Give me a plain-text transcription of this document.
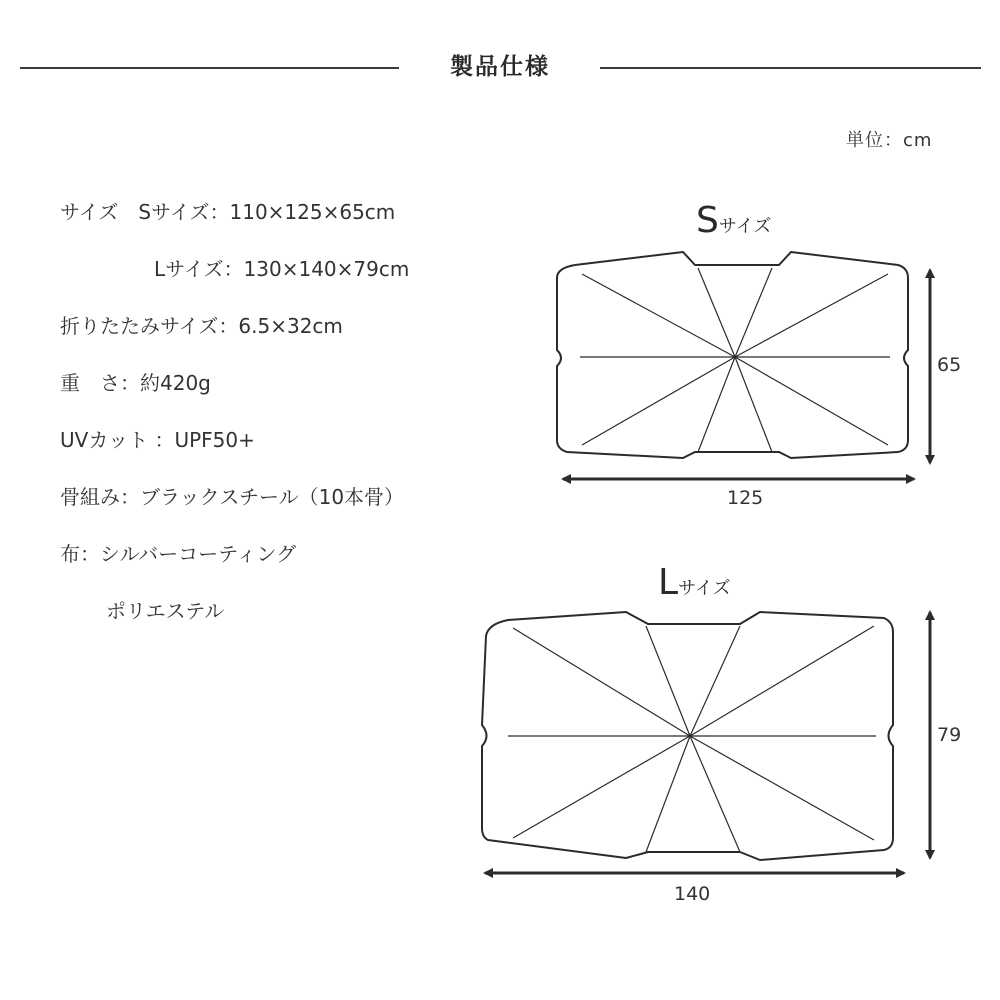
製品仕様
単位：cm
サイズ　Sサイズ：110×125×65cm
Lサイズ：130×140×79cm
折りたたみサイズ：6.5×32cm
重　さ：約420g
UVカット ：UPF50+
骨組み：ブラックスチール（10本骨）
布：シルバーコーティング
ポリエステル
Sサイズ
Lサイズ
125
65
140
79
